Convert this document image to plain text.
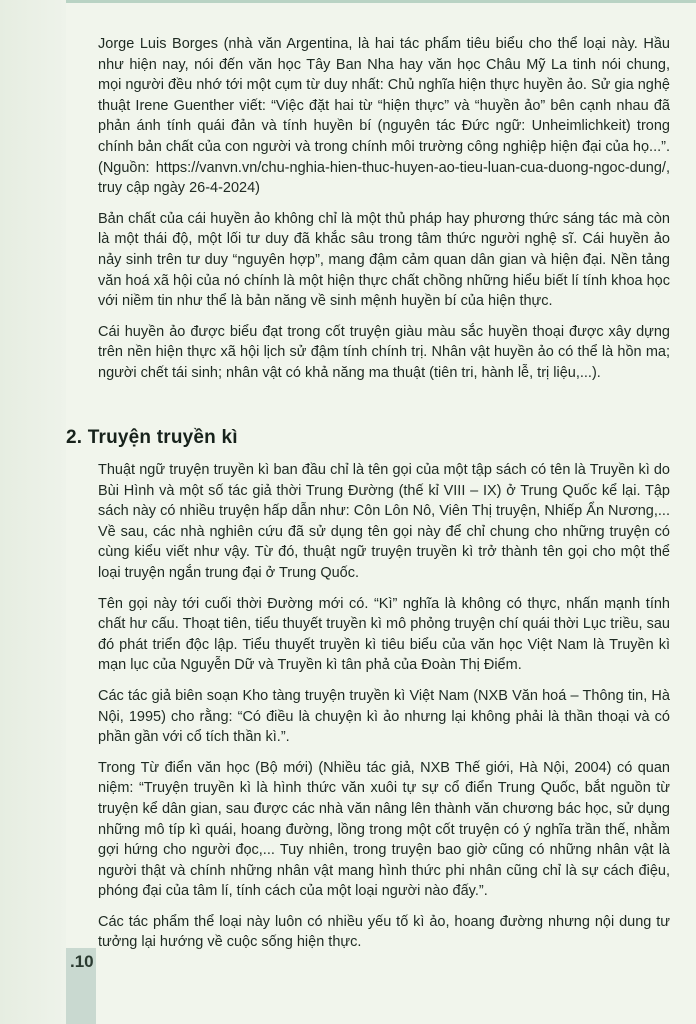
Jorge Luis Borges (nhà văn Argentina, là hai tác phẩm tiêu biểu cho thể loại này. Hầu như hiện nay, nói đến văn học Tây Ban Nha hay văn học Châu Mỹ La tinh nói chung, mọi người đều nhớ tới một cụm từ duy nhất: Chủ nghĩa hiện thực huyền ảo. Sử gia nghệ thuật Irene Guenther viết: “Việc đặt hai từ “hiện thực” và “huyền ảo” bên cạnh nhau đã phản ánh tính quái đản và tính huyền bí (nguyên tác Đức ngữ: Unheimlichkeit) trong chính bản chất của con người và trong chính môi trường công nghiệp hiện đại của họ...”. (Nguồn: https://vanvn.vn/chu-nghia-hien-thuc-huyen-ao-tieu-luan-cua-duong-ngoc-dung/, truy cập ngày 26-4-2024)

Bản chất của cái huyền ảo không chỉ là một thủ pháp hay phương thức sáng tác mà còn là một thái độ, một lối tư duy đã khắc sâu trong tâm thức người nghệ sĩ. Cái huyền ảo nảy sinh trên tư duy “nguyên hợp”, mang đậm cảm quan dân gian và hiện đại. Nền tảng văn hoá xã hội của nó chính là một hiện thực chất chồng những hiểu biết lí tính khoa học với niềm tin như thể là bản năng về sinh mệnh huyền bí của hiện thực.

Cái huyền ảo được biểu đạt trong cốt truyện giàu màu sắc huyền thoại được xây dựng trên nền hiện thực xã hội lịch sử đậm tính chính trị. Nhân vật huyền ảo có thể là hồn ma; người chết tái sinh; nhân vật có khả năng ma thuật (tiên tri, hành lễ, trị liệu,...).

2. Truyện truyền kì

Thuật ngữ truyện truyền kì ban đầu chỉ là tên gọi của một tập sách có tên là Truyền kì do Bùi Hình và một số tác giả thời Trung Đường (thế kỉ VIII – IX) ở Trung Quốc kể lại. Tập sách này có nhiều truyện hấp dẫn như: Côn Lôn Nô, Viên Thị truyện, Nhiếp Ẩn Nương,... Về sau, các nhà nghiên cứu đã sử dụng tên gọi này để chỉ chung cho những truyện có cùng kiểu viết như vậy. Từ đó, thuật ngữ truyện truyền kì trở thành tên gọi cho một thể loại truyện ngắn trung đại ở Trung Quốc.

Tên gọi này tới cuối thời Đường mới có. “Kì” nghĩa là không có thực, nhấn mạnh tính chất hư cấu. Thoạt tiên, tiểu thuyết truyền kì mô phỏng truyện chí quái thời Lục triều, sau đó phát triển độc lập. Tiểu thuyết truyền kì tiêu biểu của văn học Việt Nam là Truyền kì mạn lục của Nguyễn Dữ và Truyền kì tân phả của Đoàn Thị Điểm.

Các tác giả biên soạn Kho tàng truyện truyền kì Việt Nam (NXB Văn hoá – Thông tin, Hà Nội, 1995) cho rằng: “Có điều là chuyện kì ảo nhưng lại không phải là thần thoại và có phần gần với cổ tích thần kì.”.

Trong Từ điển văn học (Bộ mới) (Nhiều tác giả, NXB Thế giới, Hà Nội, 2004) có quan niệm: “Truyện truyền kì là hình thức văn xuôi tự sự cổ điển Trung Quốc, bắt nguồn từ truyện kể dân gian, sau được các nhà văn nâng lên thành văn chương bác học, sử dụng những mô típ kì quái, hoang đường, lồng trong một cốt truyện có ý nghĩa trần thế, nhằm gợi hứng cho người đọc,... Tuy nhiên, trong truyện bao giờ cũng có những nhân vật là người thật và chính những nhân vật mang hình thức phi nhân cũng chỉ là sự cách điệu, phóng đại của tâm lí, tính cách của một loại người nào đấy.”.

Các tác phẩm thể loại này luôn có nhiều yếu tố kì ảo, hoang đường nhưng nội dung tư tưởng lại hướng về cuộc sống hiện thực.

.10
